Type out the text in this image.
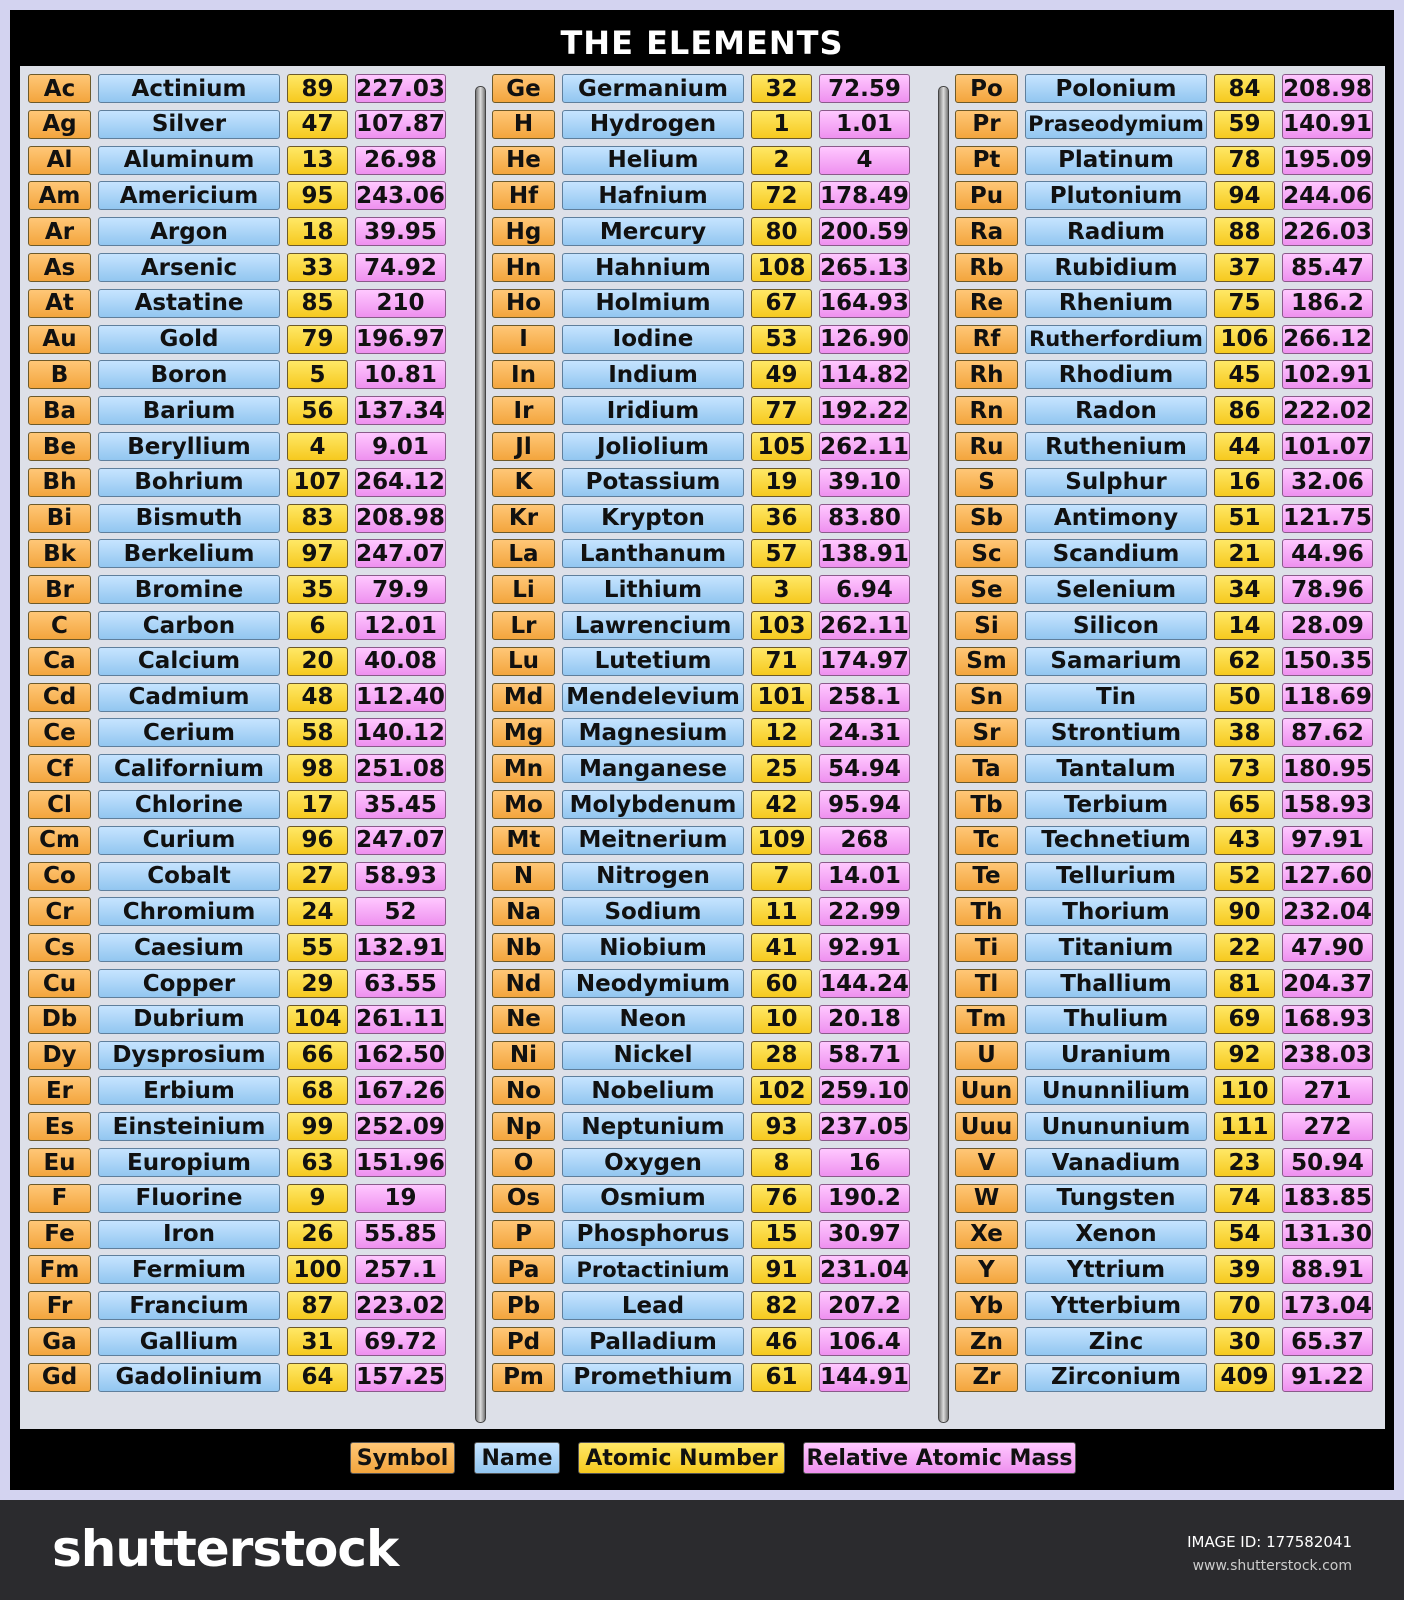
THE ELEMENTS
Ac	Actinium	89 227.03
Ag	Silver	47 107.87
Al	Aluminum	13	26.98
Am	Americium	95 243.06
Ar	Argon	18	39.95
As	Arsenic	33	74.92
At	Astatine	85	210
Au	Gold	79 196.97
B	Boron	5	10.81
Ba	Barium	56 137.34
Be	Beryllium	4	9.01
Bh	Bohrium	107 264.12
Bi	Bismuth	83 208.98
Bk	Berkelium	97 247.07
Br	Bromine	35	79.9
C	Carbon	6	12.01
Ca	Calcium	20	40.08
Cd	Cadmium	48 112.40
Ce	Cerium	58 140.12
Cf	Californium	98 251.08
Cl	Chlorine	17	35.45
Cm	Curium	96 247.07
Co	Cobalt	27	58.93
Cr	Chromium	24	52
Cs	Caesium	55 132.91
Cu	Copper	29	63.55
Db	Dubrium	104 261.11
Dy	Dysprosium	66 162.50
Er	Erbium	68 167.26
Es	Einsteinium	99 252.09
Eu	Europium	63 151.96
F	Fluorine	9	19
Fe	Iron	26	55.85
Fm	Fermium	100 257.1
Fr	Francium	87 223.02
Ga	Gallium	31	69.72
Gd	Gadolinium	64 157.25
Ge	Germanium	32	72.59
H	Hydrogen	1	1.01
He	Helium	2	4
Hf	Hafnium	72 178.49
Hg	Mercury	80 200.59
Hn	Hahnium	108 265.13
Ho	Holmium	67 164.93
I	Iodine	53 126.90
In	Indium	49 114.82
Ir	Iridium	77 192.22
Jl	Joliolium	105 262.11
K	Potassium	19	39.10
Kr	Krypton	36	83.80
La	Lanthanum	57 138.91
Li	Lithium	3	6.94
Lr	Lawrencium	103 262.11
Lu	Lutetium	71 174.97
Md	Mendelevium 101 258.1
Mg	Magnesium	12	24.31
Mn	Manganese	25	54.94
Mo	Molybdenum	42	95.94
Mt	Meitnerium	109	268
N	Nitrogen	7	14.01
Na	Sodium	11	22.99
Nb	Niobium	41	92.91
Nd	Neodymium	60 144.24
Ne	Neon	10	20.18
Ni	Nickel	28	58.71
No	Nobelium	102 259.10
Np	Neptunium	93 237.05
O	Oxygen	8	16
Os	Osmium	76	190.2
P	Phosphorus	15	30.97
Pa	Protactinium	91 231.04
Pb	Lead	82	207.2
Pd	Palladium	46	106.4
Pm	Promethium	61 144.91
Po	Polonium	84 208.98
Pr	Praseodymium	59 140.91
Pt	Platinum	78 195.09
Pu	Plutonium	94 244.06
Ra	Radium	88 226.03
Rb	Rubidium	37	85.47
Re	Rhenium	75	186.2
Rf	Rutherfordium 106 266.12
Rh	Rhodium	45 102.91
Rn	Radon	86 222.02
Ru	Ruthenium	44 101.07
S	Sulphur	16	32.06
Sb	Antimony	51 121.75
Sc	Scandium	21	44.96
Se	Selenium	34	78.96
Si	Silicon	14	28.09
Sm	Samarium	62 150.35
Sn	Tin	50 118.69
Sr	Strontium	38	87.62
Ta	Tantalum	73 180.95
Tb	Terbium	65 158.93
Tc	Technetium	43	97.91
Te	Tellurium	52 127.60
Th	Thorium	90 232.04
Ti	Titanium	22	47.90
Tl	Thallium	81 204.37
Tm	Thulium	69 168.93
U	Uranium	92 238.03
Uun	Ununnilium	110	271
Uuu	Unununium	111	272
V	Vanadium	23	50.94
W	Tungsten	74 183.85
Xe	Xenon	54 131.30
Y	Yttrium	39	88.91
Yb	Ytterbium	70 173.04
Zn	Zinc	30	65.37
Zr	Zirconium	409 91.22
Symbol	Name	Atomic Number	Relative Atomic Mass
shutterstock	IMAGE ID: 177582041
www.shutterstock.com
